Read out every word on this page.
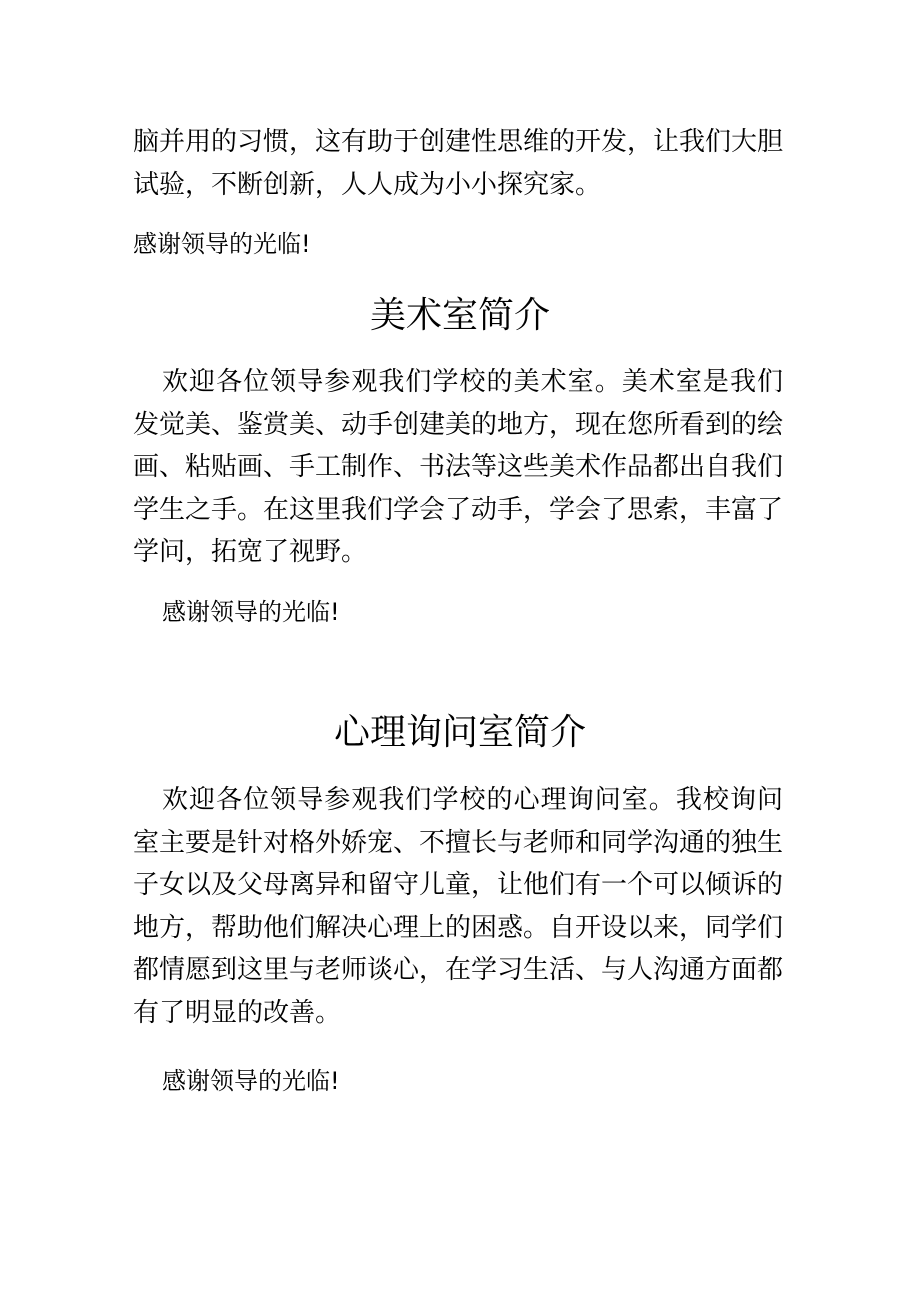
脑并用的习惯，这有助于创建性思维的开发，让我们大胆试验，不断创新，人人成为小小探究家。

感谢领导的光临!

美术室简介

欢迎各位领导参观我们学校的美术室。美术室是我们发觉美、鉴赏美、动手创建美的地方，现在您所看到的绘画、粘贴画、手工制作、书法等这些美术作品都出自我们学生之手。在这里我们学会了动手，学会了思索，丰富了学问，拓宽了视野。

感谢领导的光临!

心理询问室简介

欢迎各位领导参观我们学校的心理询问室。我校询问室主要是针对格外娇宠、不擅长与老师和同学沟通的独生子女以及父母离异和留守儿童，让他们有一个可以倾诉的地方，帮助他们解决心理上的困惑。自开设以来，同学们都情愿到这里与老师谈心，在学习生活、与人沟通方面都有了明显的改善。

感谢领导的光临!
